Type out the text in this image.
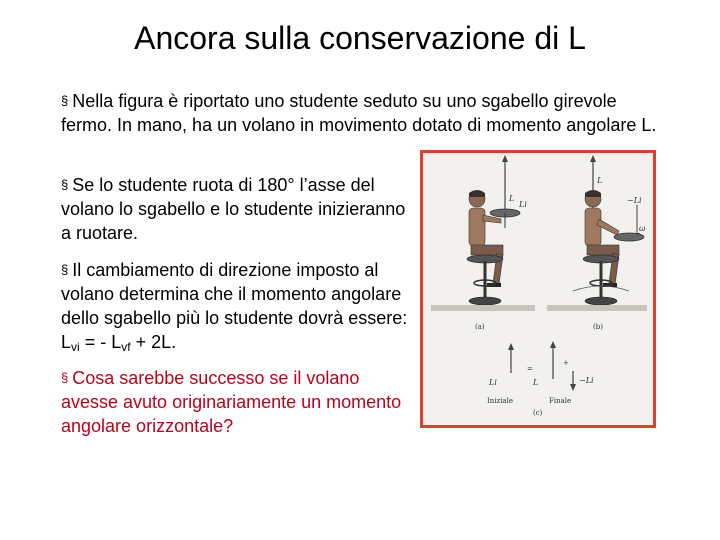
Ancora sulla conservazione di L
§ Nella figura è riportato uno studente seduto su uno sgabello girevole fermo. In mano, ha un volano in movimento dotato di momento angolare L.
§ Se lo studente ruota di 180° l’asse del volano lo sgabello e lo studente inizieranno a ruotare.
§ Il cambiamento di direzione imposto al volano determina che il momento angolare dello sgabello più lo studente dovrà essere: $L_{vi}$ = - $L_{vf} + 2L$.
§ Cosa sarebbe successo se il volano avesse avuto originariamente un momento angolare orizzontale?
L
Li
(a)
L
−Li
ω
(b)
Li
=
L
+
−Li
Iniziale	Finale
(c)
